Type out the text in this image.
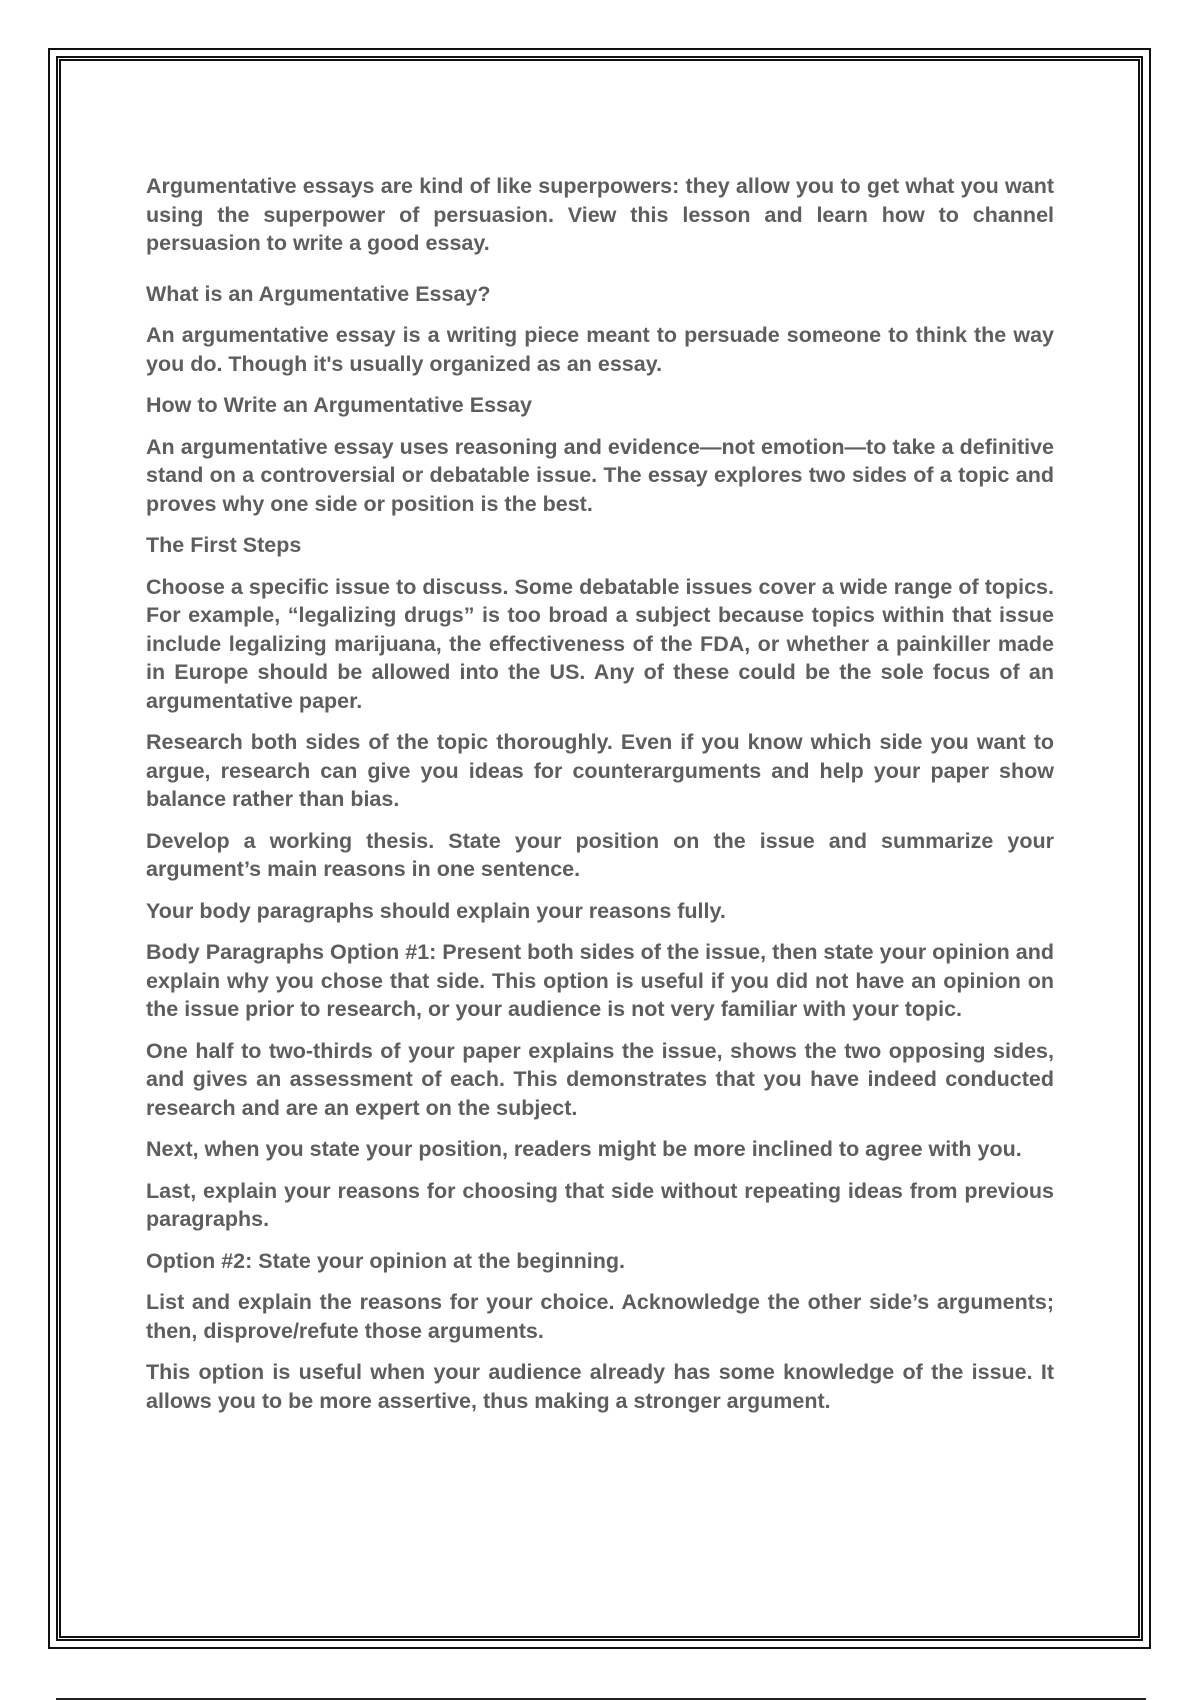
Argumentative essays are kind of like superpowers: they allow you to get what you want using the superpower of persuasion. View this lesson and learn how to channel persuasion to write a good essay.

What is an Argumentative Essay?

An argumentative essay is a writing piece meant to persuade someone to think the way you do. Though it's usually organized as an essay.

How to Write an Argumentative Essay

An argumentative essay uses reasoning and evidence—not emotion—to take a definitive stand on a controversial or debatable issue. The essay explores two sides of a topic and proves why one side or position is the best.

The First Steps

Choose a specific issue to discuss. Some debatable issues cover a wide range of topics. For example, “legalizing drugs” is too broad a subject because topics within that issue include legalizing marijuana, the effectiveness of the FDA, or whether a painkiller made in Europe should be allowed into the US. Any of these could be the sole focus of an argumentative paper.

Research both sides of the topic thoroughly. Even if you know which side you want to argue, research can give you ideas for counterarguments and help your paper show balance rather than bias.

Develop a working thesis. State your position on the issue and summarize your argument’s main reasons in one sentence.

Your body paragraphs should explain your reasons fully.

Body Paragraphs Option #1: Present both sides of the issue, then state your opinion and explain why you chose that side. This option is useful if you did not have an opinion on the issue prior to research, or your audience is not very familiar with your topic.

One half to two-thirds of your paper explains the issue, shows the two opposing sides, and gives an assessment of each. This demonstrates that you have indeed conducted research and are an expert on the subject.

Next, when you state your position, readers might be more inclined to agree with you.

Last, explain your reasons for choosing that side without repeating ideas from previous paragraphs.

Option #2: State your opinion at the beginning.

List and explain the reasons for your choice. Acknowledge the other side’s arguments; then, disprove/refute those arguments.

This option is useful when your audience already has some knowledge of the issue. It allows you to be more assertive, thus making a stronger argument.
